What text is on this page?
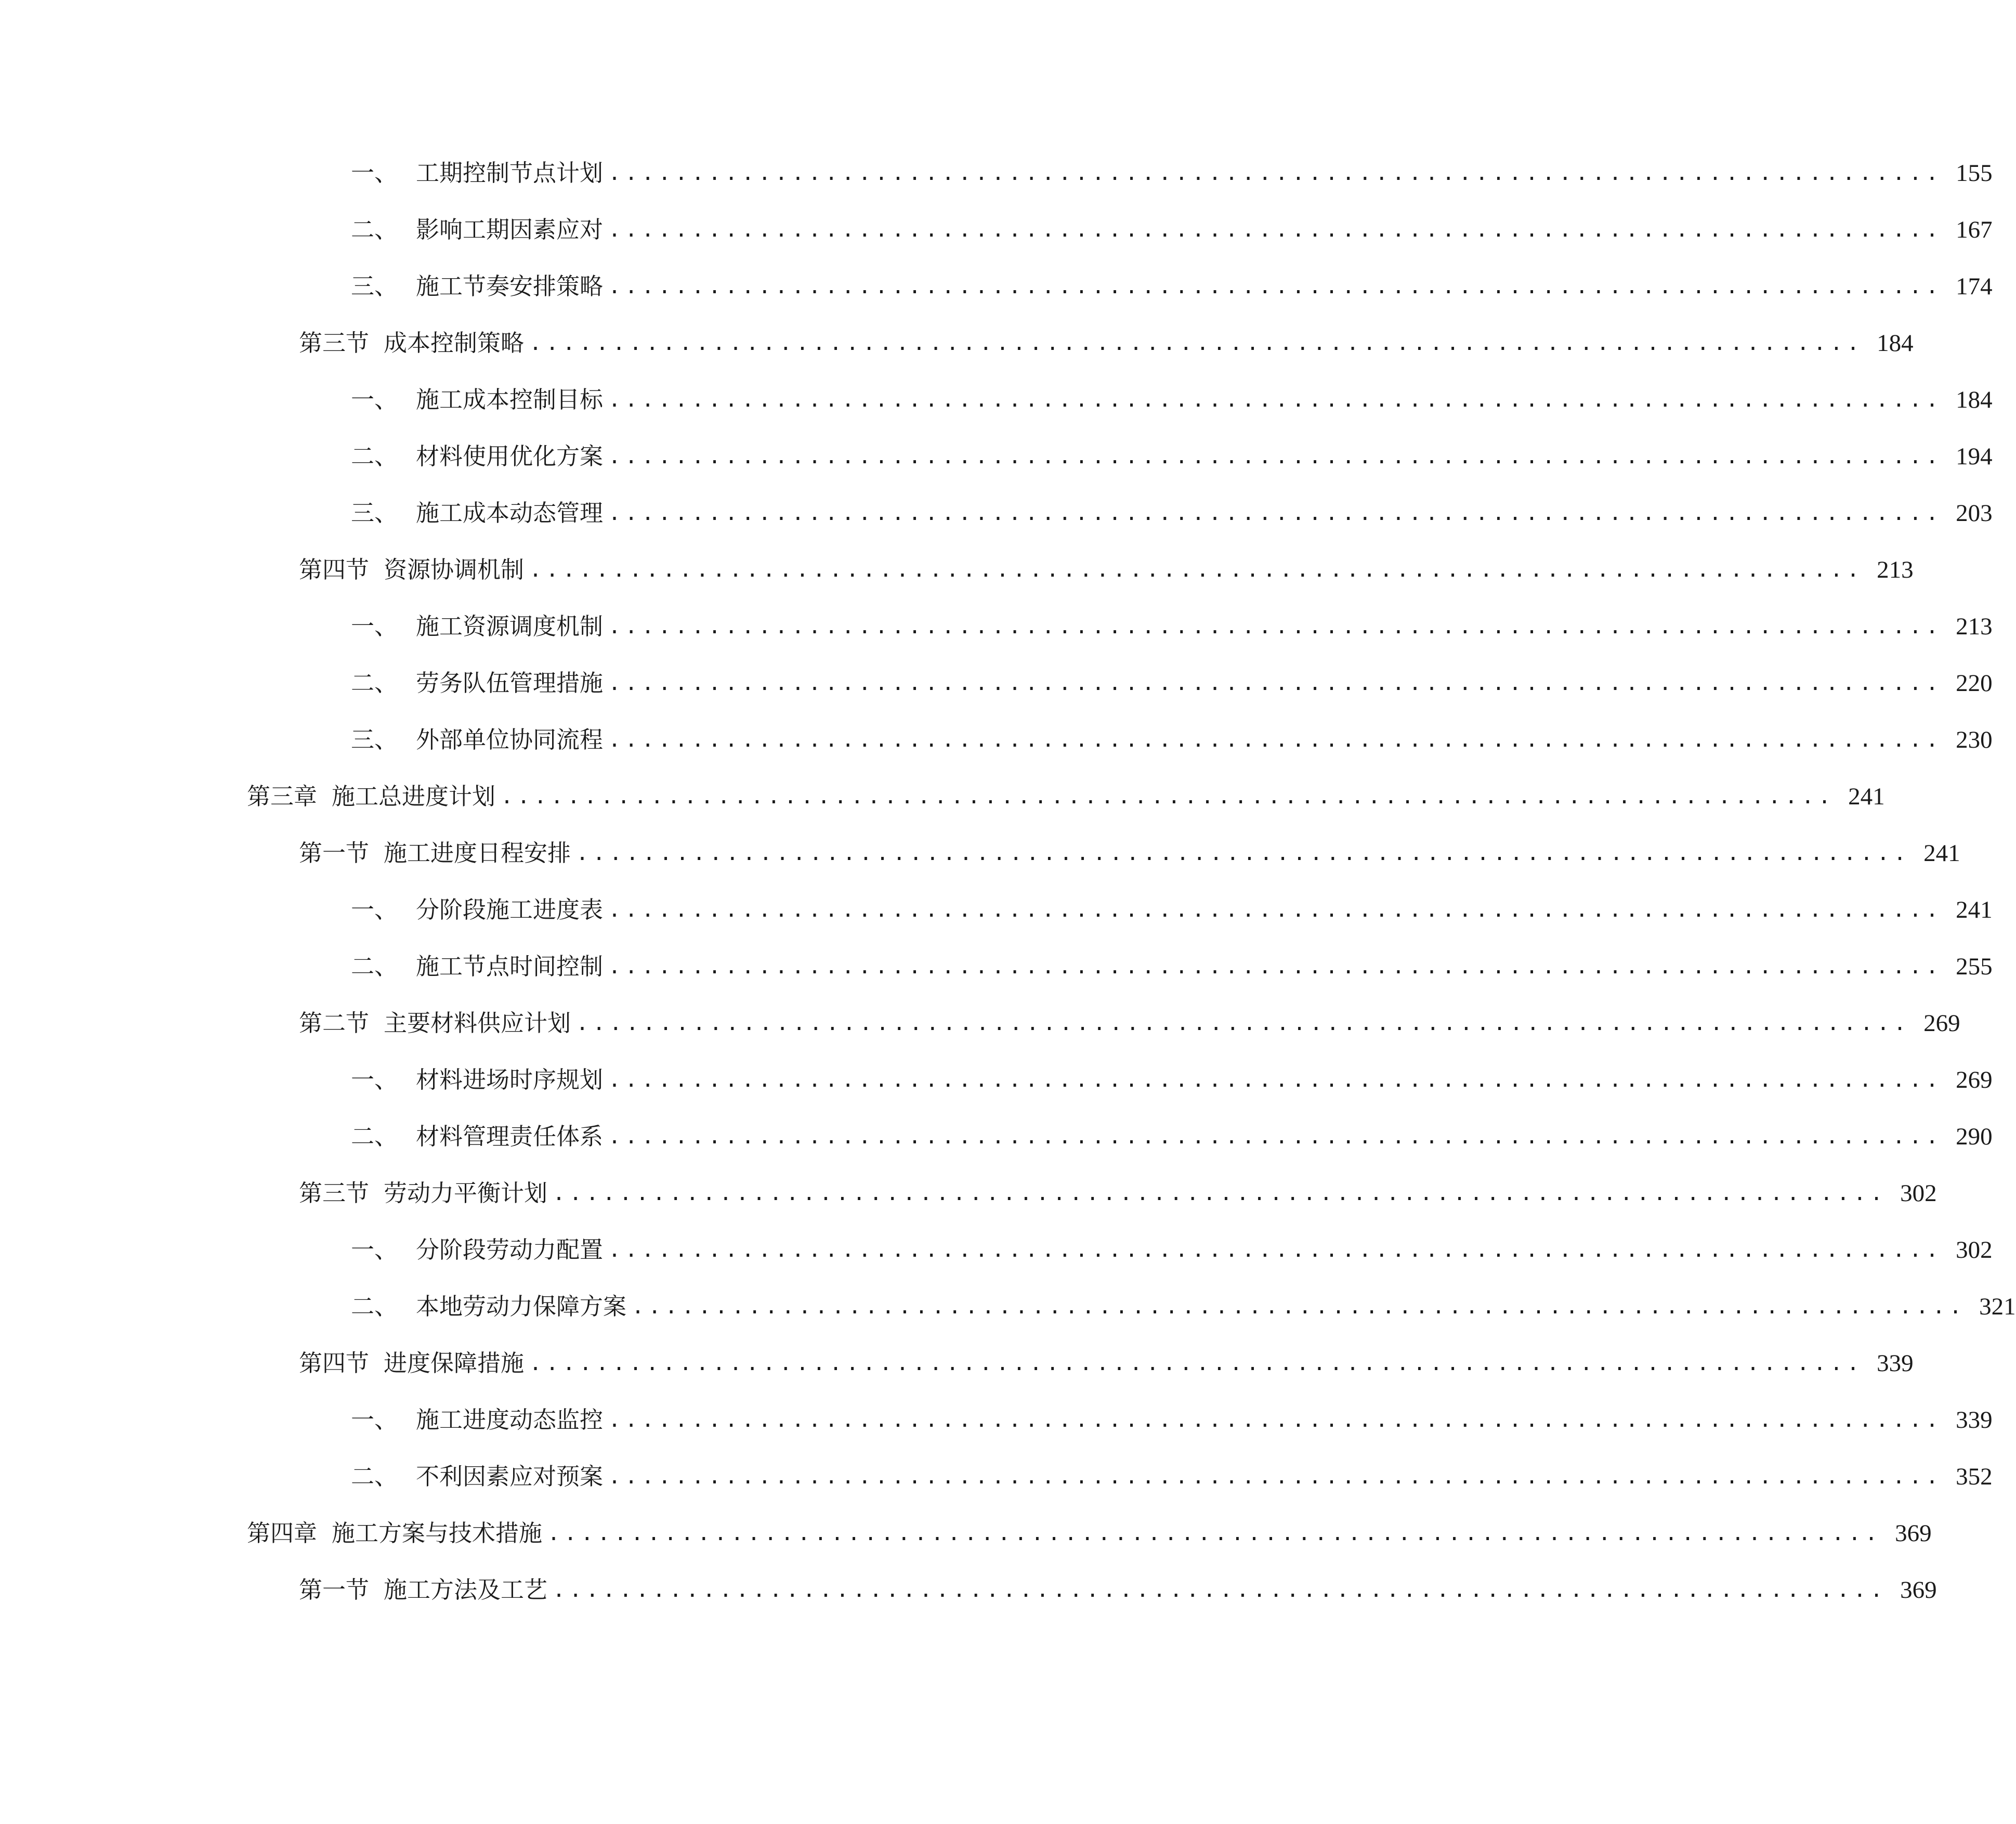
一、 工期控制节点计划 ................................................................................ 155
二、 影响工期因素应对 ................................................................................ 167
三、 施工节奏安排策略 ................................................................................ 174
第三节 成本控制策略 ................................................................................ 184
一、 施工成本控制目标 ................................................................................ 184
二、 材料使用优化方案 ................................................................................ 194
三、 施工成本动态管理 ................................................................................ 203
第四节 资源协调机制 ................................................................................ 213
一、 施工资源调度机制 ................................................................................ 213
二、 劳务队伍管理措施 ................................................................................ 220
三、 外部单位协同流程 ................................................................................ 230
第三章 施工总进度计划 ................................................................................ 241
第一节 施工进度日程安排 ................................................................................ 241
一、 分阶段施工进度表 ................................................................................ 241
二、 施工节点时间控制 ................................................................................ 255
第二节 主要材料供应计划 ................................................................................ 269
一、 材料进场时序规划 ................................................................................ 269
二、 材料管理责任体系 ................................................................................ 290
第三节 劳动力平衡计划 ................................................................................ 302
一、 分阶段劳动力配置 ................................................................................ 302
二、 本地劳动力保障方案 ................................................................................ 321
第四节 进度保障措施 ................................................................................ 339
一、 施工进度动态监控 ................................................................................ 339
二、 不利因素应对预案 ................................................................................ 352
第四章 施工方案与技术措施 ................................................................................ 369
第一节 施工方法及工艺 ................................................................................ 369
